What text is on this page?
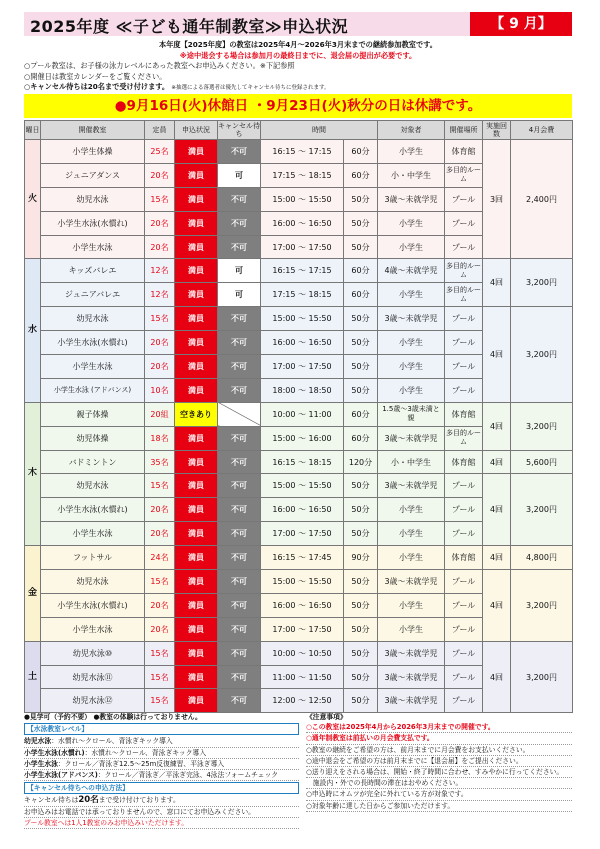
2025年度 ≪子ども通年制教室≫申込状況	【 9 月】
本年度【2025年度】の教室は2025年4月～2026年3月末までの継続参加教室です。
※途中退会する場合は参加月の最終日までに、退会届の提出が必要です。
○プール教室は、お子様の泳力レベルにあった教室へお申込みください。※下記参照
○開催日は教室カレンダーをご覧ください。
○キャンセル待ちは20名まで受け付けます。 ※抽選による落選者は優先してキャンセル待ちに登録されます。
●9月16日(火)休館日 ・9月23日(火)秋分の日は休講です。
曜日	開催教室	定員	申込状況	キャンセル待ち	時間		対象者	開催場所	実施回数	4月会費
火	小学生体操	25名	満員	不可	16:15 ～ 17:15	60分	小学生	体育館	3回	2,400円
	ジュニアダンス	20名	満員	可	17:15 ～ 18:15	60分	小・中学生	多目的ルーム		
	幼児水泳	15名	満員	不可	15:00 ～ 15:50	50分	3歳～未就学児	プール		
	小学生水泳(水慣れ)	20名	満員	不可	16:00 ～ 16:50	50分	小学生	プール		
	小学生水泳	20名	満員	不可	17:00 ～ 17:50	50分	小学生	プール		
水	キッズバレエ	12名	満員	可	16:15 ～ 17:15	60分	4歳～未就学児	多目的ルーム	4回	3,200円
	ジュニアバレエ	12名	満員	可	17:15 ～ 18:15	60分	小学生	多目的ルーム		
	幼児水泳	15名	満員	不可	15:00 ～ 15:50	50分	3歳～未就学児	プール	4回	3,200円
	小学生水泳(水慣れ)	20名	満員	不可	16:00 ～ 16:50	50分	小学生	プール		
	小学生水泳	20名	満員	不可	17:00 ～ 17:50	50分	小学生	プール		
	小学生水泳 (アドバンス)	10名	満員	不可	18:00 ～ 18:50	50分	小学生	プール		
木	親子体操	20組	空きあり		10:00 ～ 11:00	60分	1.5歳～3歳未満と親	体育館	4回	3,200円
	幼児体操	18名	満員	不可	15:00 ～ 16:00	60分	3歳～未就学児	多目的ルーム		
	バドミントン	35名	満員	不可	16:15 ～ 18:15	120分	小・中学生	体育館	4回	5,600円
	幼児水泳	15名	満員	不可	15:00 ～ 15:50	50分	3歳～未就学児	プール	4回	3,200円
	小学生水泳(水慣れ)	20名	満員	不可	16:00 ～ 16:50	50分	小学生	プール		
	小学生水泳	20名	満員	不可	17:00 ～ 17:50	50分	小学生	プール		
金	フットサル	24名	満員	不可	16:15 ～ 17:45	90分	小学生	体育館	4回	4,800円
	幼児水泳	15名	満員	不可	15:00 ～ 15:50	50分	3歳～未就学児	プール	4回	3,200円
	小学生水泳(水慣れ)	20名	満員	不可	16:00 ～ 16:50	50分	小学生	プール		
	小学生水泳	20名	満員	不可	17:00 ～ 17:50	50分	小学生	プール		
土	幼児水泳⑩	15名	満員	不可	10:00 ～ 10:50	50分	3歳～未就学児	プール	4回	3,200円
	幼児水泳⑪	15名	満員	不可	11:00 ～ 11:50	50分	3歳～未就学児	プール		
	幼児水泳⑫	15名	満員	不可	12:00 ～ 12:50	50分	3歳～未就学児	プール		
●見学可（予約不要） ●教室の体験は行っておりません。
【水泳教室レベル】
幼児水泳：水慣れ～クロール、背泳ぎキック導入
小学生水泳(水慣れ)：水慣れ～クロール、背泳ぎキック導入
小学生水泳：クロール／背泳ぎ12.5～25m反復練習、平泳ぎ導入
小学生水泳(アドバンス)：クロール／背泳ぎ／平泳ぎ完泳、4泳法フォームチェック
【キャンセル待ちへの申込方法】
キャンセル待ちは20名まで受け付けております。
お申込みはお電話では承っておりませんので、窓口にてお申込みください。
プール教室へは1人1教室のみお申込みいただけます。
《注意事項》
○この教室は2025年4月から2026年3月末までの開催です。
○通年制教室は前払いの月会費支払です。
○教室の継続をご希望の方は、前月末までに月会費をお支払いください。
○途中退会をご希望の方は前月末までに【退会届】をご提出ください。
○送り迎えをされる場合は、開始・終了時間に合わせ、すみやかに行ってください。
　施設内・外での長時間の滞在はおやめください。
○申込時にオムツが完全に外れている方が対象です。
○対象年齢に達した日からご参加いただけます。
